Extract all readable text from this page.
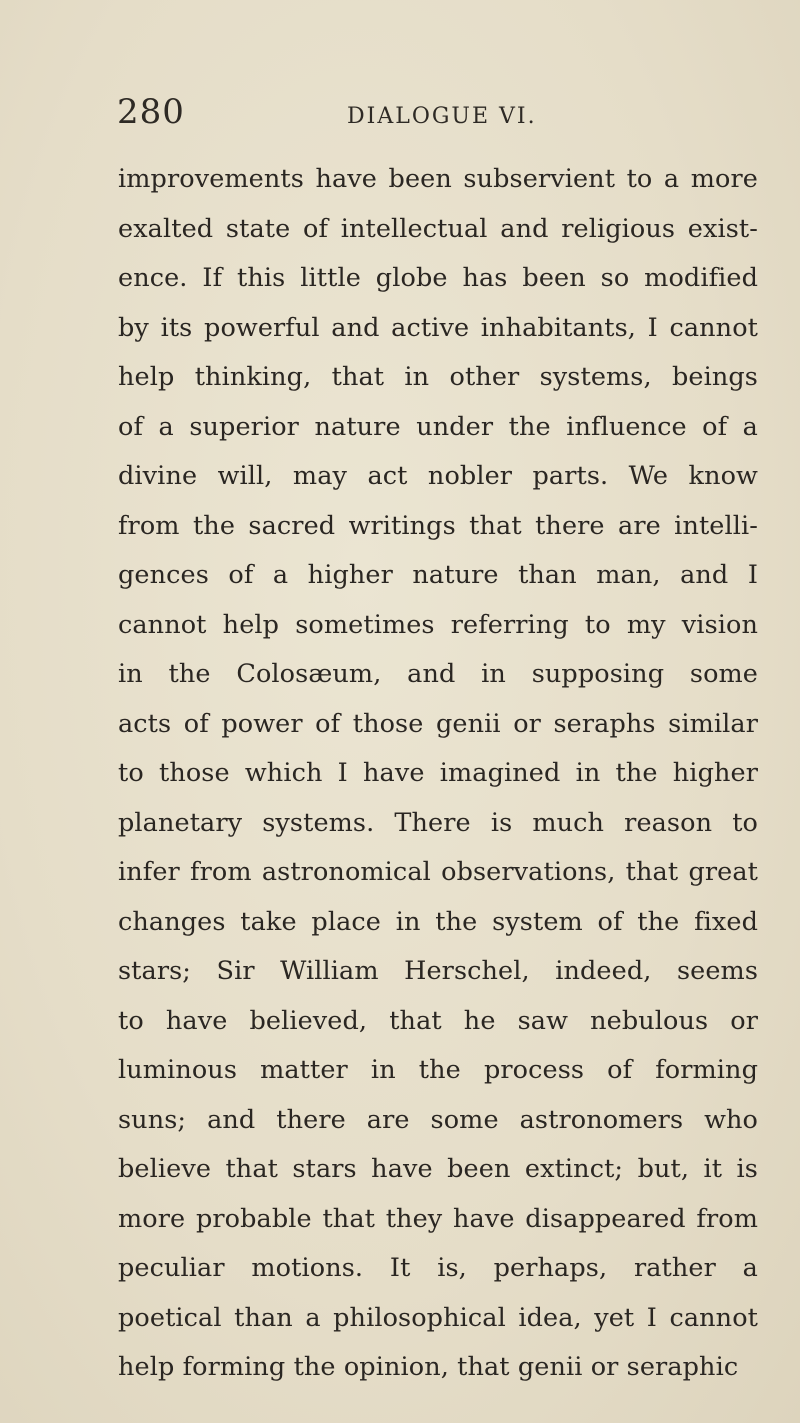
280	DIALOGUE VI.
improvements have been subservient to a more
exalted state of intellectual and religious exist-
ence. If this little globe has been so modified
by its powerful and active inhabitants, I cannot
help thinking, that in other systems, beings
of a superior nature under the influence of a
divine will, may act nobler parts. We know
from the sacred writings that there are intelli-
gences of a higher nature than man, and I
cannot help sometimes referring to my vision
in the Colosæum, and in supposing some
acts of power of those genii or seraphs similar
to those which I have imagined in the higher
planetary systems. There is much reason to
infer from astronomical observations, that great
changes take place in the system of the fixed
stars; Sir William Herschel, indeed, seems
to have believed, that he saw nebulous or
luminous matter in the process of forming
suns; and there are some astronomers who
believe that stars have been extinct; but, it is
more probable that they have disappeared from
peculiar motions. It is, perhaps, rather a
poetical than a philosophical idea, yet I cannot
help forming the opinion, that genii or seraphic
